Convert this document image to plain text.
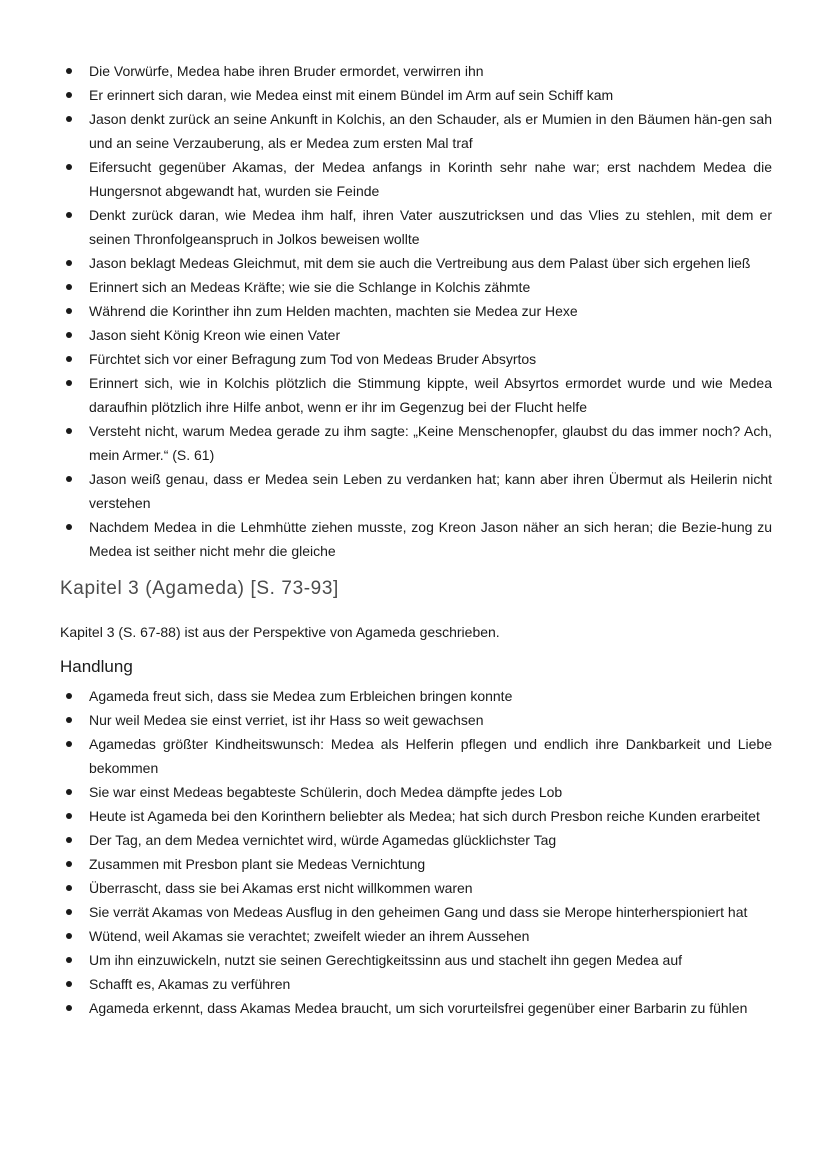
Die Vorwürfe, Medea habe ihren Bruder ermordet, verwirren ihn
Er erinnert sich daran, wie Medea einst mit einem Bündel im Arm auf sein Schiff kam
Jason denkt zurück an seine Ankunft in Kolchis, an den Schauder, als er Mumien in den Bäumen hän-gen sah und an seine Verzauberung, als er Medea zum ersten Mal traf
Eifersucht gegenüber Akamas, der Medea anfangs in Korinth sehr nahe war; erst nachdem Medea die Hungersnot abgewandt hat, wurden sie Feinde
Denkt zurück daran, wie Medea ihm half, ihren Vater auszutricksen und das Vlies zu stehlen, mit dem er seinen Thronfolgeanspruch in Jolkos beweisen wollte
Jason beklagt Medeas Gleichmut, mit dem sie auch die Vertreibung aus dem Palast über sich ergehen ließ
Erinnert sich an Medeas Kräfte; wie sie die Schlange in Kolchis zähmte
Während die Korinther ihn zum Helden machten, machten sie Medea zur Hexe
Jason sieht König Kreon wie einen Vater
Fürchtet sich vor einer Befragung zum Tod von Medeas Bruder Absyrtos
Erinnert sich, wie in Kolchis plötzlich die Stimmung kippte, weil Absyrtos ermordet wurde und wie Medea daraufhin plötzlich ihre Hilfe anbot, wenn er ihr im Gegenzug bei der Flucht helfe
Versteht nicht, warum Medea gerade zu ihm sagte: „Keine Menschenopfer, glaubst du das immer noch? Ach, mein Armer.“ (S. 61)
Jason weiß genau, dass er Medea sein Leben zu verdanken hat; kann aber ihren Übermut als Heilerin nicht verstehen
Nachdem Medea in die Lehmhütte ziehen musste, zog Kreon Jason näher an sich heran; die Bezie-hung zu Medea ist seither nicht mehr die gleiche
Kapitel 3 (Agameda) [S. 73-93]

Kapitel 3 (S. 67-88) ist aus der Perspektive von Agameda geschrieben.

Handlung
Agameda freut sich, dass sie Medea zum Erbleichen bringen konnte
Nur weil Medea sie einst verriet, ist ihr Hass so weit gewachsen
Agamedas größter Kindheitswunsch: Medea als Helferin pflegen und endlich ihre Dankbarkeit und Liebe bekommen
Sie war einst Medeas begabteste Schülerin, doch Medea dämpfte jedes Lob
Heute ist Agameda bei den Korinthern beliebter als Medea; hat sich durch Presbon reiche Kunden erarbeitet
Der Tag, an dem Medea vernichtet wird, würde Agamedas glücklichster Tag
Zusammen mit Presbon plant sie Medeas Vernichtung
Überrascht, dass sie bei Akamas erst nicht willkommen waren
Sie verrät Akamas von Medeas Ausflug in den geheimen Gang und dass sie Merope hinterherspioniert hat
Wütend, weil Akamas sie verachtet; zweifelt wieder an ihrem Aussehen
Um ihn einzuwickeln, nutzt sie seinen Gerechtigkeitssinn aus und stachelt ihn gegen Medea auf
Schafft es, Akamas zu verführen
Agameda erkennt, dass Akamas Medea braucht, um sich vorurteilsfrei gegenüber einer Barbarin zu fühlen
